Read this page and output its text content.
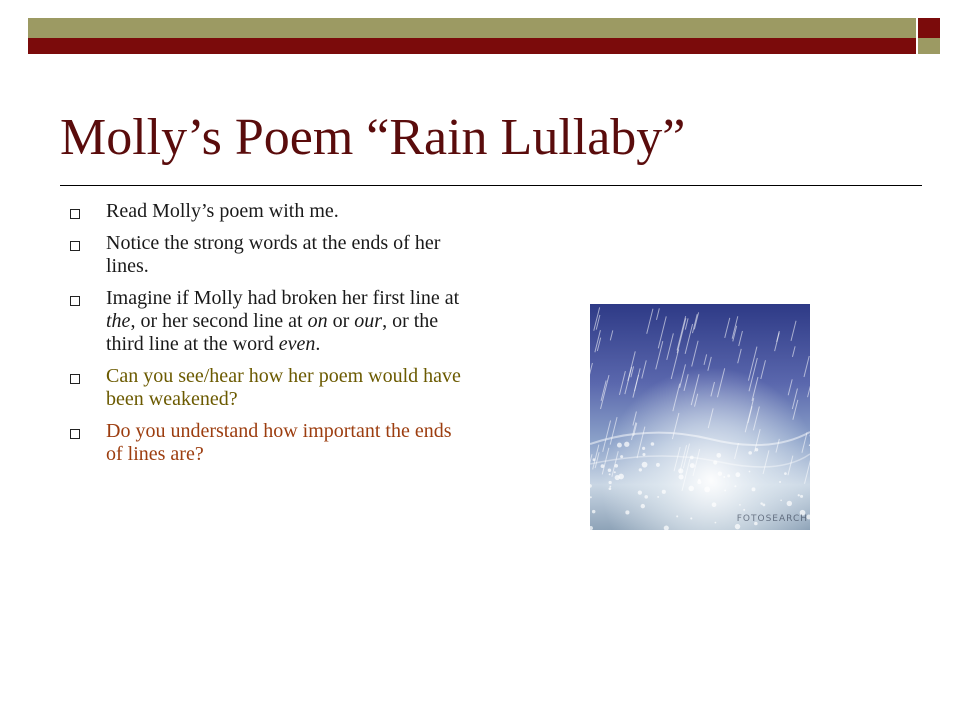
Molly’s Poem “Rain Lullaby”
Read Molly’s poem with me.
Notice the strong words at the ends of her lines.
Imagine if Molly had broken her first line at the, or her second line at on or our, or the third line at the word even.
Can you see/hear how her poem would have been weakened?
Do you understand how important the ends of lines are?
FOTOSEARCH
